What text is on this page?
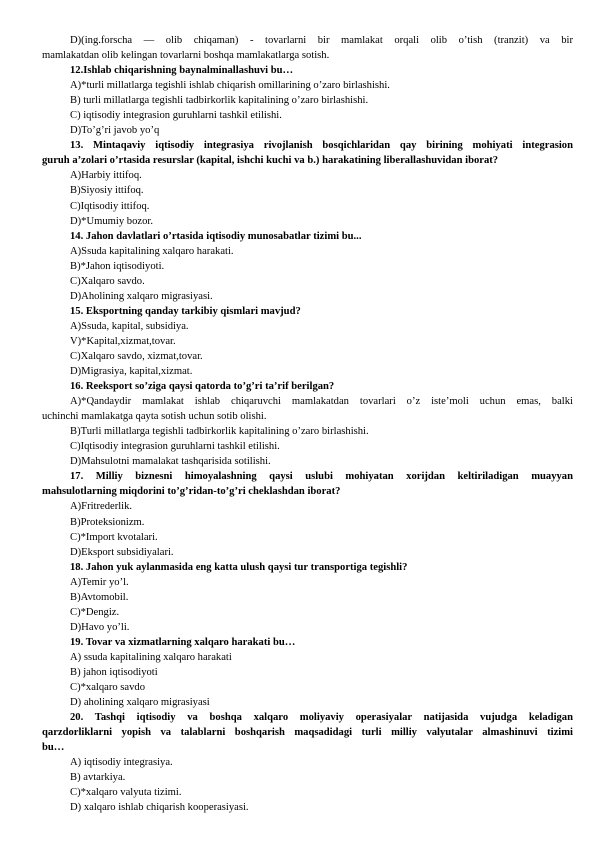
D)(ing.forscha — olib chiqaman) - tovarlarni bir mamlakat orqali olib o’tish (tranzit) va bir
mamlakatdan olib kelingan tovarlarni boshqa mamlakatlarga sotish.
12.Ishlab chiqarishning baynalminallashuvi bu…
A)*turli millatlarga tegishli ishlab chiqarish omillarining o’zaro birlashishi.
B) turli millatlarga tegishli tadbirkorlik kapitalining o’zaro birlashishi.
C) iqtisodiy integrasion guruhlarni tashkil etilishi.
D)To’g’ri javob yo’q
13. Mintaqaviy iqtisodiy integrasiya rivojlanish bosqichlaridan qay birining mohiyati integrasion
guruh a’zolari o’rtasida resurslar (kapital, ishchi kuchi va b.) harakatining liberallashuvidan iborat?
A)Harbiy ittifoq.
B)Siyosiy ittifoq.
C)Iqtisodiy ittifoq.
D)*Umumiy bozor.
14. Jahon davlatlari o’rtasida iqtisodiy munosabatlar tizimi bu...
A)Ssuda kapitalining xalqaro harakati.
B)*Jahon iqtisodiyoti.
C)Xalqaro savdo.
D)Aholining xalqaro migrasiyasi.
15. Eksportning qanday tarkibiy qismlari mavjud?
A)Ssuda, kapital, subsidiya.
V)*Kapital,xizmat,tovar.
C)Xalqaro savdo, xizmat,tovar.
D)Migrasiya, kapital,xizmat.
16. Reeksport so’ziga qaysi qatorda to’g’ri ta’rif berilgan?
A)*Qandaydir mamlakat ishlab chiqaruvchi mamlakatdan tovarlari o’z iste’moli uchun emas, balki
uchinchi mamlakatga qayta sotish uchun sotib olishi.
B)Turli millatlarga tegishli tadbirkorlik kapitalining o’zaro birlashishi.
C)Iqtisodiy integrasion guruhlarni tashkil etilishi.
D)Mahsulotni mamalakat tashqarisida sotilishi.
17. Milliy biznesni himoyalashning qaysi uslubi mohiyatan xorijdan keltiriladigan muayyan
mahsulotlarning miqdorini to’g’ridan-to’g’ri cheklashdan iborat?
A)Fritrederlik.
B)Proteksionizm.
C)*Import kvotalari.
D)Eksport subsidiyalari.
18. Jahon yuk aylanmasida eng katta ulush qaysi tur transportiga tegishli?
A)Temir yo’l.
B)Avtomobil.
C)*Dengiz.
D)Havo yo’li.
19. Tovar va xizmatlarning xalqaro harakati bu…
A) ssuda kapitalining xalqaro harakati
B) jahon iqtisodiyoti
C)*xalqaro savdo
D) aholining xalqaro migrasiyasi
20. Tashqi iqtisodiy va boshqa xalqaro moliyaviy operasiyalar natijasida vujudga keladigan
qarzdorliklarni yopish va talablarni boshqarish maqsadidagi turli milliy valyutalar almashinuvi tizimi
bu…
A) iqtisodiy integrasiya.
B) avtarkiya.
C)*xalqaro valyuta tizimi.
D) xalqaro ishlab chiqarish kooperasiyasi.
